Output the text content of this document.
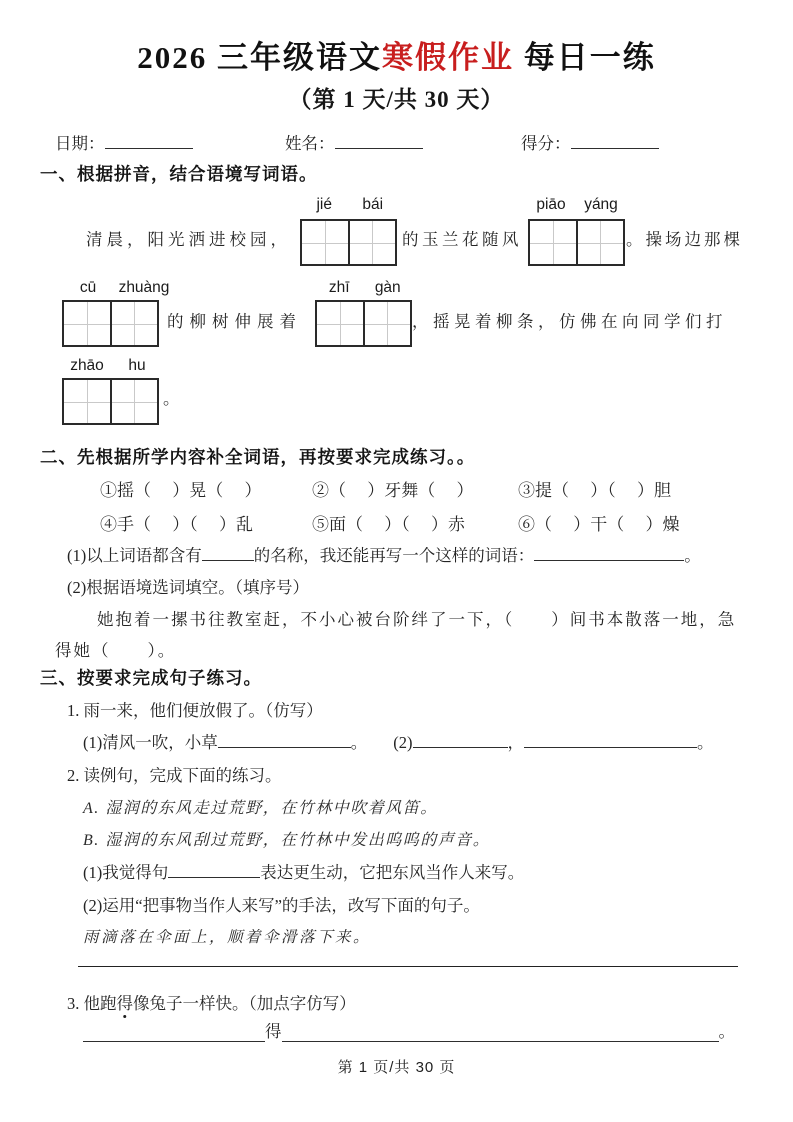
2026 三年级语文寒假作业 每日一练
（第 1 天/共 30 天）
日期：	姓名：	得分：
一、根据拼音，结合语境写词语。
jié	bái	piāo	yáng
清晨，阳光洒进校园，	的玉兰花随风	。操场边那棵
cū	zhuàng	zhī	gàn
的柳树伸展着	，摇晃着柳条，仿佛在向同学们打
zhāo	hu
。
二、先根据所学内容补全词语，再按要求完成练习。。
①摇（　 ）晃（　 ）	②（　 ）牙舞（　 ）	③提（　 ）（　 ）胆
④手（　 ）（　 ）乱	⑤面（　 ）（　 ）赤	⑥（　 ）干（　 ）燥
(1)以上词语都含有	的名称，我还能再写一个这样的词语：	。
(2)根据语境选词填空。（填序号）
她抱着一摞书往教室赶，不小心被台阶绊了一下，（　　）间书本散落一地，急
得她（　　）。
三、按要求完成句子练习。
1. 雨一来，他们便放假了。（仿写）
(1)清风一吹，小草	。 (2)	，	。
2. 读例句，完成下面的练习。
A. 湿润的东风走过荒野，在竹林中吹着风笛。
B. 湿润的东风刮过荒野，在竹林中发出呜呜的声音。
(1)我觉得句	表达更生动，它把东风当作人来写。
(2)运用“把事物当作人来写”的手法，改写下面的句子。
雨滴落在伞面上，顺着伞滑落下来。
3. 他跑得像兔子一样快。（加点字仿写）
得	。
第 1 页/共 30 页
